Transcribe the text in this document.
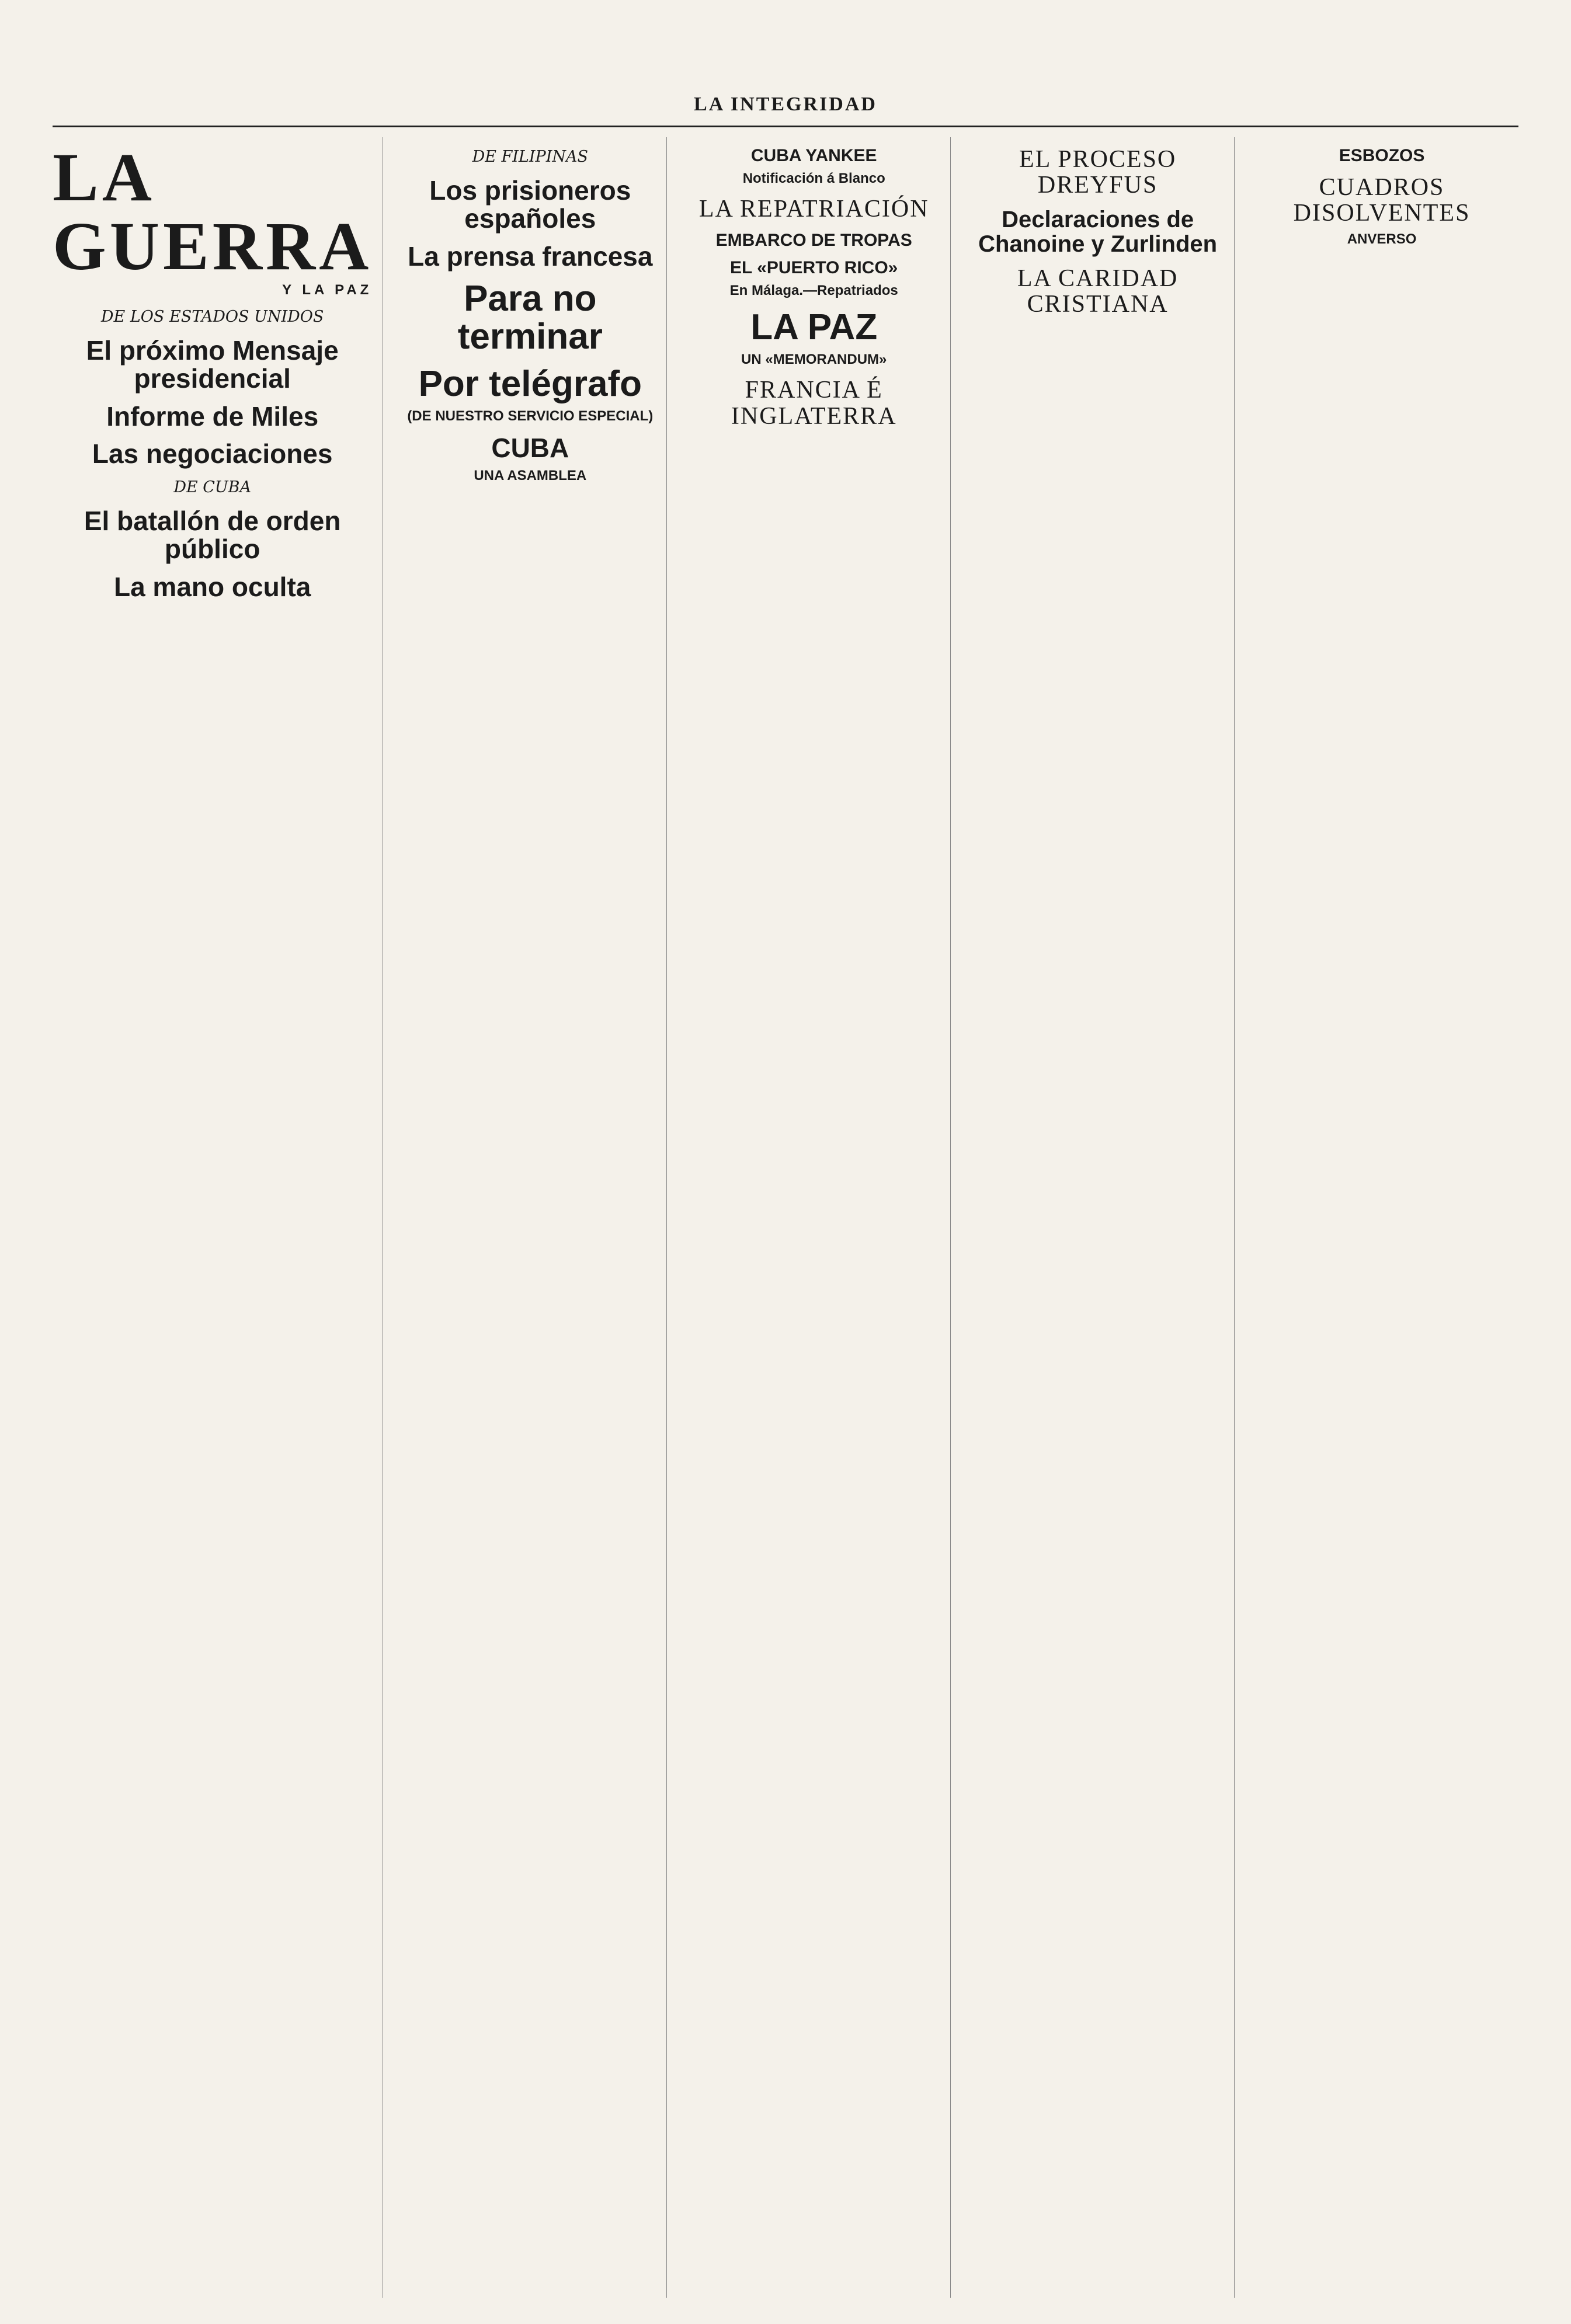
LA INTEGRIDAD
LA GUERRA
Y LA PAZ
DE LOS ESTADOS UNIDOS
El próximo Mensaje presidencial
Informe de Miles
Las negociaciones
DE CUBA
El batallón de orden público
La mano oculta
DE FILIPINAS
Los prisioneros españoles
La prensa francesa
Para no terminar
Por telégrafo
(DE NUESTRO SERVICIO ESPECIAL)
CUBA
UNA ASAMBLEA
CUBA YANKEE
Notificación á Blanco
LA REPATRIACIÓN
EMBARCO DE TROPAS
EL «PUERTO RICO»
En Málaga.—Repatriados
LA PAZ
UN «MEMORANDUM»
FRANCIA É INGLATERRA
EL PROCESO DREYFUS
Declaraciones de Chanoine y Zurlinden
LA CARIDAD CRISTIANA
ESBOZOS
CUADROS DISOLVENTES
ANVERSO
